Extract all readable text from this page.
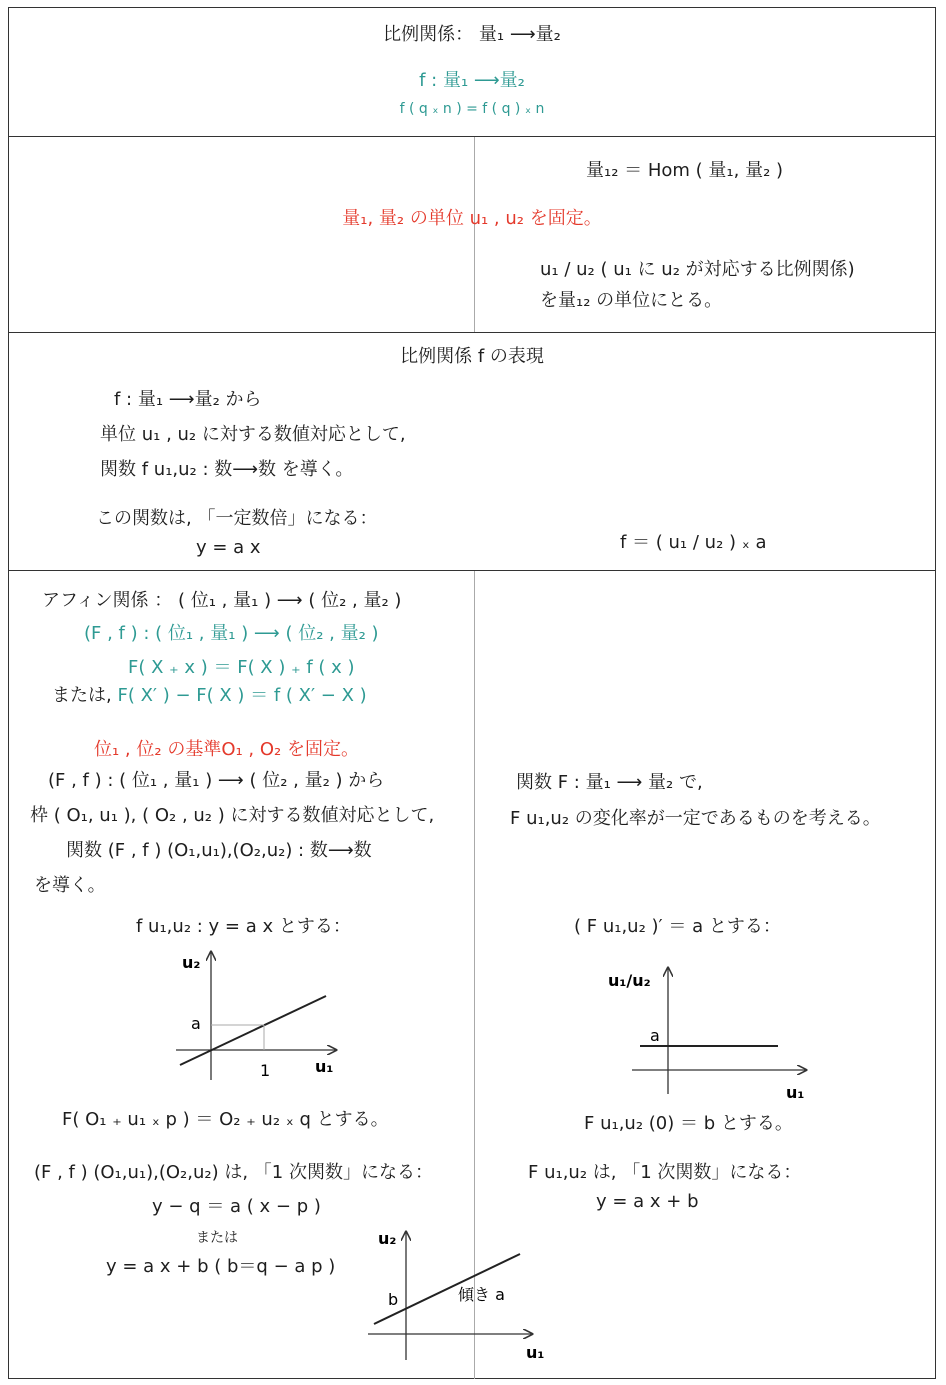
比例関係： 量₁ ⟶量₂
f : 量₁ ⟶量₂
f ( q ₓ n ) = f ( q ) ₓ n
量₁₂ ＝ Hom ( 量₁, 量₂ )
量₁, 量₂ の単位 u₁ , u₂ を固定。
u₁ / u₂ ( u₁ に u₂ が対応する比例関係)
を量₁₂ の単位にとる。
比例関係 f の表現
f : 量₁ ⟶量₂ から
単位 u₁ , u₂ に対する数値対応として,
関数 f u₁,u₂ : 数⟶数 を導く。
この関数は, 「一定数倍」になる：
y = a x	f ＝ ( u₁ / u₂ ) ₓ a
アフィン関係 ： ( 位₁ , 量₁ ) ⟶ ( 位₂ , 量₂ )
(F , f ) : ( 位₁ , 量₁ ) ⟶ ( 位₂ , 量₂ )
F( X ₊ x ) ＝ F( X ) ₊ f ( x )
または, F( X′ ) − F( X ) ＝ f ( X′ − X )
位₁ , 位₂ の基準O₁ , O₂ を固定。
(F , f ) : ( 位₁ , 量₁ ) ⟶ ( 位₂ , 量₂ ) から
枠 ( O₁, u₁ ), ( O₂ , u₂ ) に対する数値対応として,
関数 (F , f ) (O₁,u₁),(O₂,u₂) : 数⟶数
を導く。
f u₁,u₂ : y = a x とする：
F( O₁ ₊ u₁ ₓ p ) ＝ O₂ ₊ u₂ ₓ q とする。
(F , f ) (O₁,u₁),(O₂,u₂) は, 「1 次関数」になる：
y − q ＝ a ( x − p )
または
y = a x + b ( b＝q − a p )
関数 F : 量₁ ⟶ 量₂ で,
F u₁,u₂ の変化率が一定であるものを考える。
( F u₁,u₂ )′ ＝ a とする：
F u₁,u₂ (0) ＝ b とする。
F u₁,u₂ は, 「1 次関数」になる：
y = a x + b
u₂
u₁
a
1
u₁/u₂
u₁
a
u₂
u₁
b	傾き a
